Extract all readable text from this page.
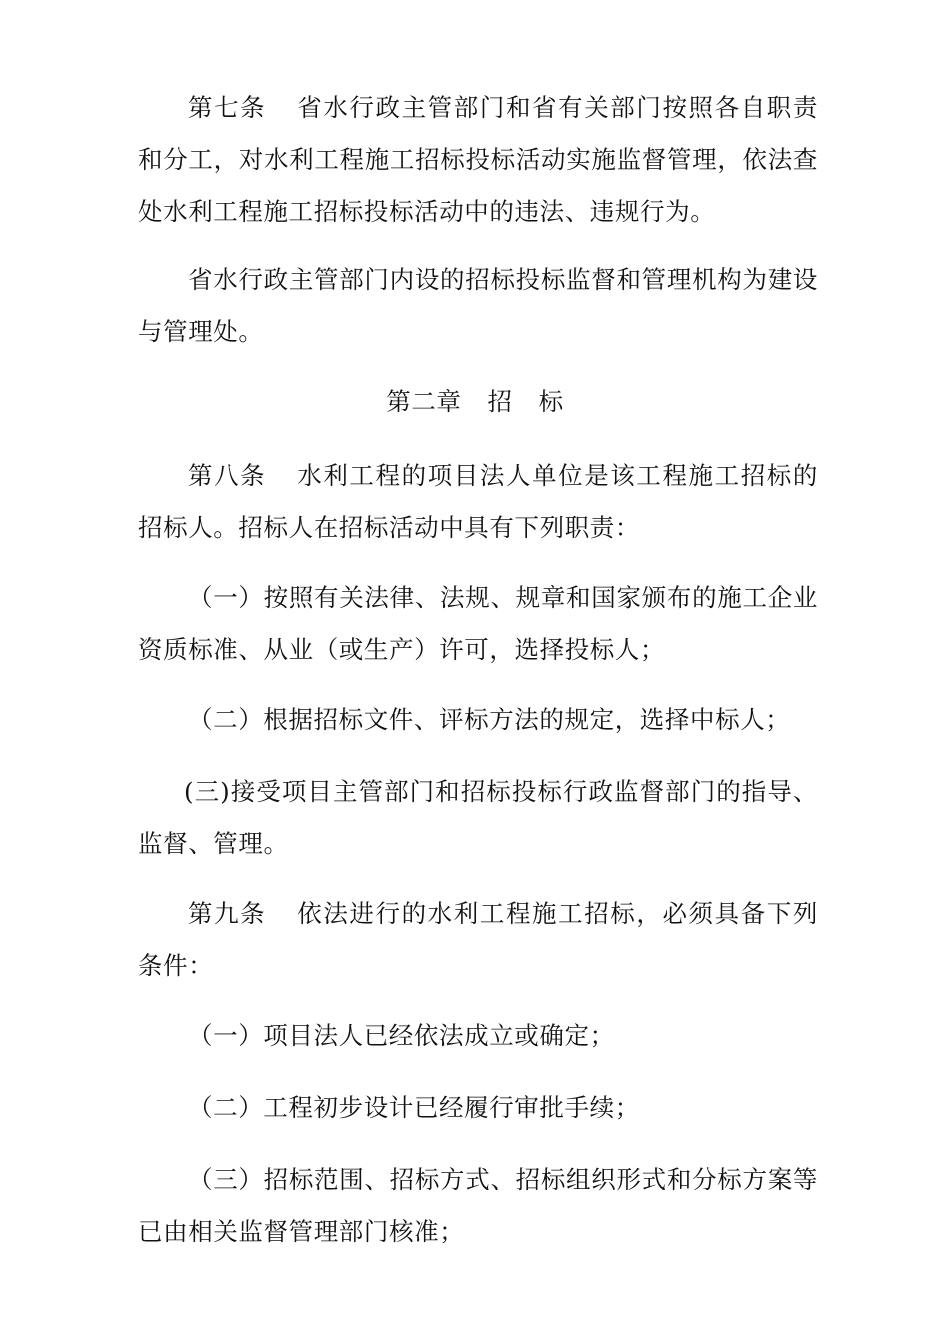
第七条 省水行政主管部门和省有关部门按照各自职责和分工，对水利工程施工招标投标活动实施监督管理，依法查处水利工程施工招标投标活动中的违法、违规行为。

省水行政主管部门内设的招标投标监督和管理机构为建设与管理处。

第二章 招 标

第八条 水利工程的项目法人单位是该工程施工招标的招标人。招标人在招标活动中具有下列职责：

（一）按照有关法律、法规、规章和国家颁布的施工企业资质标准、从业（或生产）许可，选择投标人；

（二）根据招标文件、评标方法的规定，选择中标人；

(三)接受项目主管部门和招标投标行政监督部门的指导、监督、管理。

第九条 依法进行的水利工程施工招标，必须具备下列条件：

（一）项目法人已经依法成立或确定；

（二）工程初步设计已经履行审批手续；

（三）招标范围、招标方式、招标组织形式和分标方案等已由相关监督管理部门核准；
